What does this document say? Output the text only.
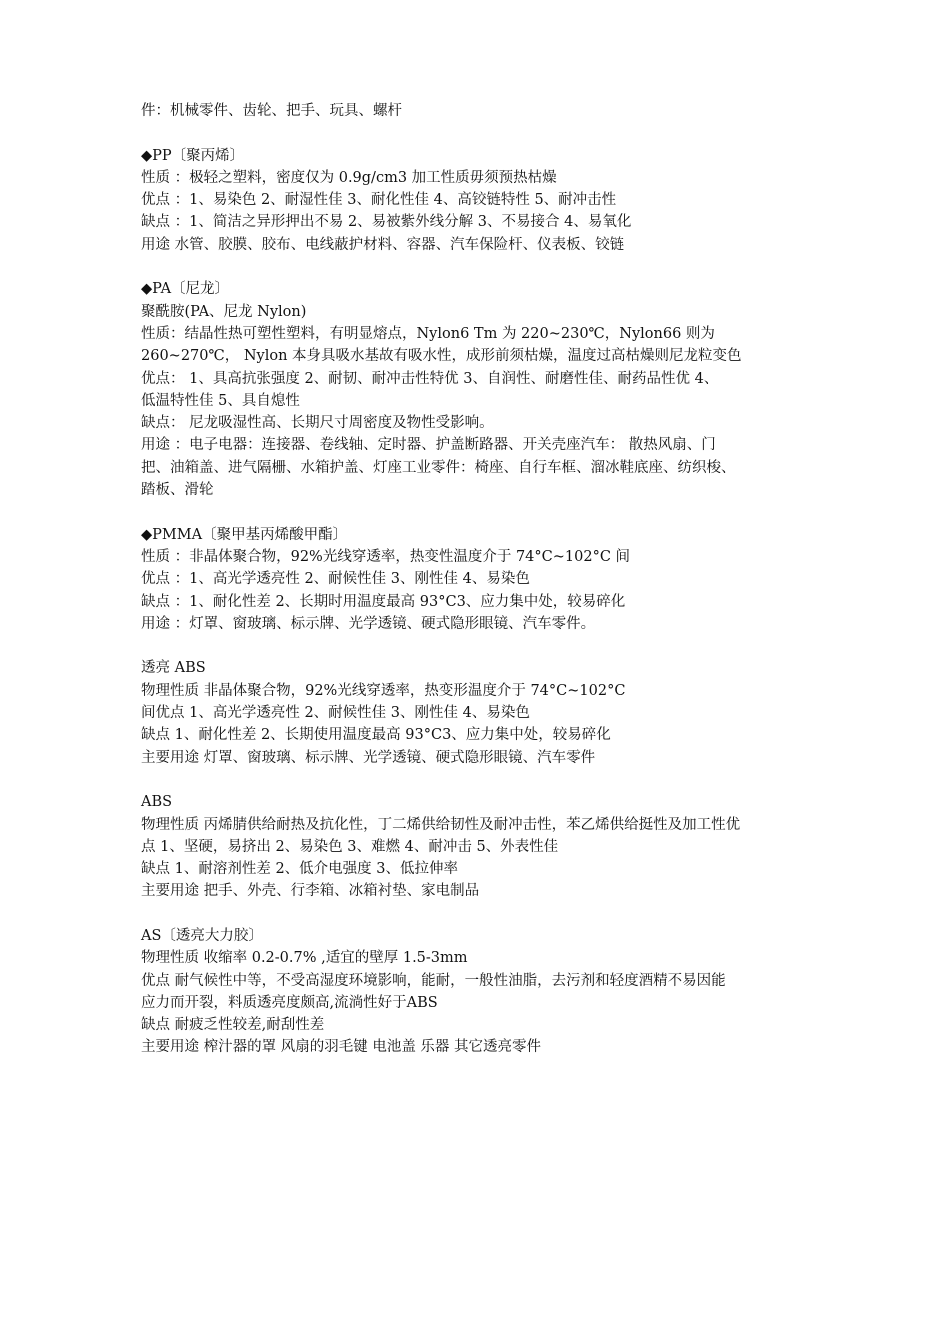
件：机械零件、齿轮、把手、玩具、螺杆
◆PP〔聚丙烯〕
性质 ：极轻之塑料，密度仅为 0.9g/cm3 加工性质毋须预热枯燥
优点 ：1、易染色 2、耐湿性佳 3、耐化性佳 4、高铰链特性 5、耐冲击性
缺点 ：1、简洁之异形押出不易 2、易被紫外线分解 3、不易接合 4、易氧化
用途 水管、胶膜、胶布、电线蔽护材料、容器、汽车保险杆、仪表板、铰链
◆PA〔尼龙〕
聚酰胺(PA、尼龙 Nylon)
性质：结晶性热可塑性塑料，有明显熔点，Nylon6 Tm 为 220~230℃，Nylon66 则为
260~270℃， Nylon 本身具吸水基故有吸水性，成形前须枯燥，温度过高枯燥则尼龙粒变色
优点： 1、具高抗张强度 2、耐韧、耐冲击性特优 3、自润性、耐磨性佳、耐药品性优 4、
低温特性佳 5、具自熄性
缺点： 尼龙吸湿性高、长期尺寸周密度及物性受影响。
用途 ：电子电器：连接器、卷线轴、定时器、护盖断路器、开关壳座汽车： 散热风扇、门
把、油箱盖、进气隔栅、水箱护盖、灯座工业零件：椅座、自行车框、溜冰鞋底座、纺织梭、
踏板、滑轮
◆PMMA〔聚甲基丙烯酸甲酯〕
性质 ：非晶体聚合物，92%光线穿透率，热变性温度介于 74°C~102°C 间
优点 ：1、高光学透亮性 2、耐候性佳 3、刚性佳 4、易染色
缺点 ：1、耐化性差 2、长期时用温度最高 93°C3、应力集中处，较易碎化
用途 ：灯罩、窗玻璃、标示牌、光学透镜、硬式隐形眼镜、汽车零件。
透亮 ABS
物理性质 非晶体聚合物，92%光线穿透率，热变形温度介于 74°C~102°C
间优点 1、高光学透亮性 2、耐候性佳 3、刚性佳 4、易染色
缺点 1、耐化性差 2、长期使用温度最高 93°C3、应力集中处，较易碎化
主要用途 灯罩、窗玻璃、标示牌、光学透镜、硬式隐形眼镜、汽车零件
ABS
物理性质 丙烯腈供给耐热及抗化性，丁二烯供给韧性及耐冲击性，苯乙烯供给挺性及加工性优
点 1、坚硬，易挤出 2、易染色 3、难燃 4、耐冲击 5、外表性佳
缺点 1、耐溶剂性差 2、低介电强度 3、低拉伸率
主要用途 把手、外壳、行李箱、冰箱衬垫、家电制品
AS〔透亮大力胶〕
物理性质 收缩率 0.2-0.7% ,适宜的壁厚 1.5-3mm
优点 耐气候性中等，不受高湿度环境影响，能耐，一般性油脂，去污剂和轻度酒精不易因能
应力而开裂，料质透亮度颇高,流淌性好于ABS
缺点 耐疲乏性较差,耐刮性差
主要用途 榨汁器的罩 风扇的羽毛键 电池盖 乐器 其它透亮零件
